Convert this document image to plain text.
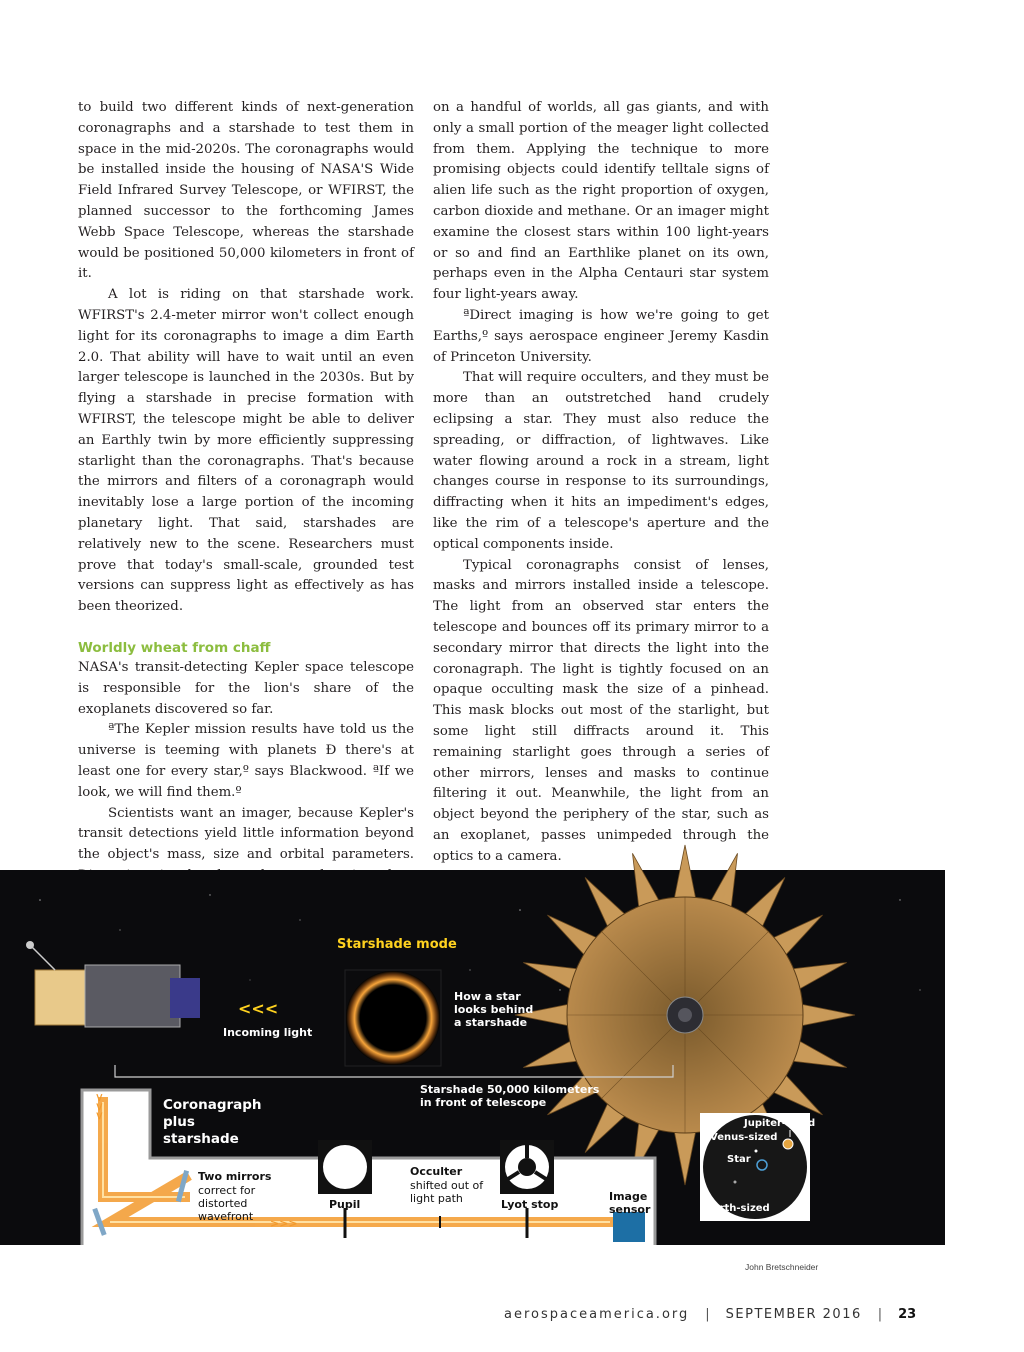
to build two different kinds of next-generation coronagraphs and a starshade to test them in space in the mid-2020s. The coronagraphs would be installed inside the housing of NASA'S Wide Field Infrared Survey Telescope, or WFIRST, the planned successor to the forthcoming James Webb Space Telescope, whereas the starshade would be positioned 50,000 kilometers in front of it.

A lot is riding on that starshade work. WFIRST's 2.4-meter mirror won't collect enough light for its coronagraphs to image a dim Earth 2.0. That ability will have to wait until an even larger telescope is launched in the 2030s. But by flying a starshade in precise formation with WFIRST, the telescope might be able to deliver an Earthly twin by more efficiently suppressing starlight than the coronagraphs. That's because the mirrors and filters of a coronagraph would inevitably lose a large portion of the incoming planetary light. That said, starshades are relatively new to the scene. Researchers must prove that today's small-scale, grounded test versions can suppress light as effectively as has been theorized.

Worldly wheat from chaff

NASA's transit-detecting Kepler space telescope is responsible for the lion's share of the exoplanets discovered so far.

ªThe Kepler mission results have told us the universe is teeming with planets Ð there's at least one for every star,º says Blackwood. ªIf we look, we will find them.º

Scientists want an imager, because Kepler's transit detections yield little information beyond the object's mass, size and orbital parameters.

on a handful of worlds, all gas giants, and with only a small portion of the meager light collected from them. Applying the technique to more promising objects could identify telltale signs of alien life such as the right proportion of oxygen, carbon dioxide and methane. Or an imager might examine the closest stars within 100 light-years or so and find an Earthlike planet on its own, perhaps even in the Alpha Centauri star system four light-years away.

ªDirect imaging is how we're going to get Earths,º says aerospace engineer Jeremy Kasdin of Princeton University.

That will require occulters, and they must be more than an outstretched hand crudely eclipsing a star. They must also reduce the spreading, or diffraction, of lightwaves. Like water flowing around a rock in a stream, light changes course in response to its surroundings, diffracting when it hits an impediment's edges, like the rim of a telescope's aperture and the optical components inside.

Typical coronagraphs consist of lenses, masks and mirrors installed inside a telescope. The light from an observed star enters the telescope and bounces off its primary mirror to a secondary mirror that directs the light into the coronagraph. The light is tightly focused on an opaque occulting mask the size of a pinhead. This mask blocks out most of the starlight, but some light still diffracts around it. This remaining starlight goes through a series of other mirrors, lenses and masks to continue filtering it out. Meanwhile, the light from an object beyond the periphery of the star, such as an exoplanet, passes unimpeded through the optics to a camera.

>>>
>>>
Starshade mode
<<<
Incoming light
How a star looks behind a starshade
Starshade 50,000 kilometers in front of telescope
Coronagraph plus starshade
Two mirrors
correct for distorted wavefront
Pupil
Occulter
shifted out of light path	Lyot stop
Image sensor
Jupiter-sized
Venus-sized
Star
Earth-sized
John Bretschneider
aerospaceamerica.org | SEPTEMBER 2016 | 23
